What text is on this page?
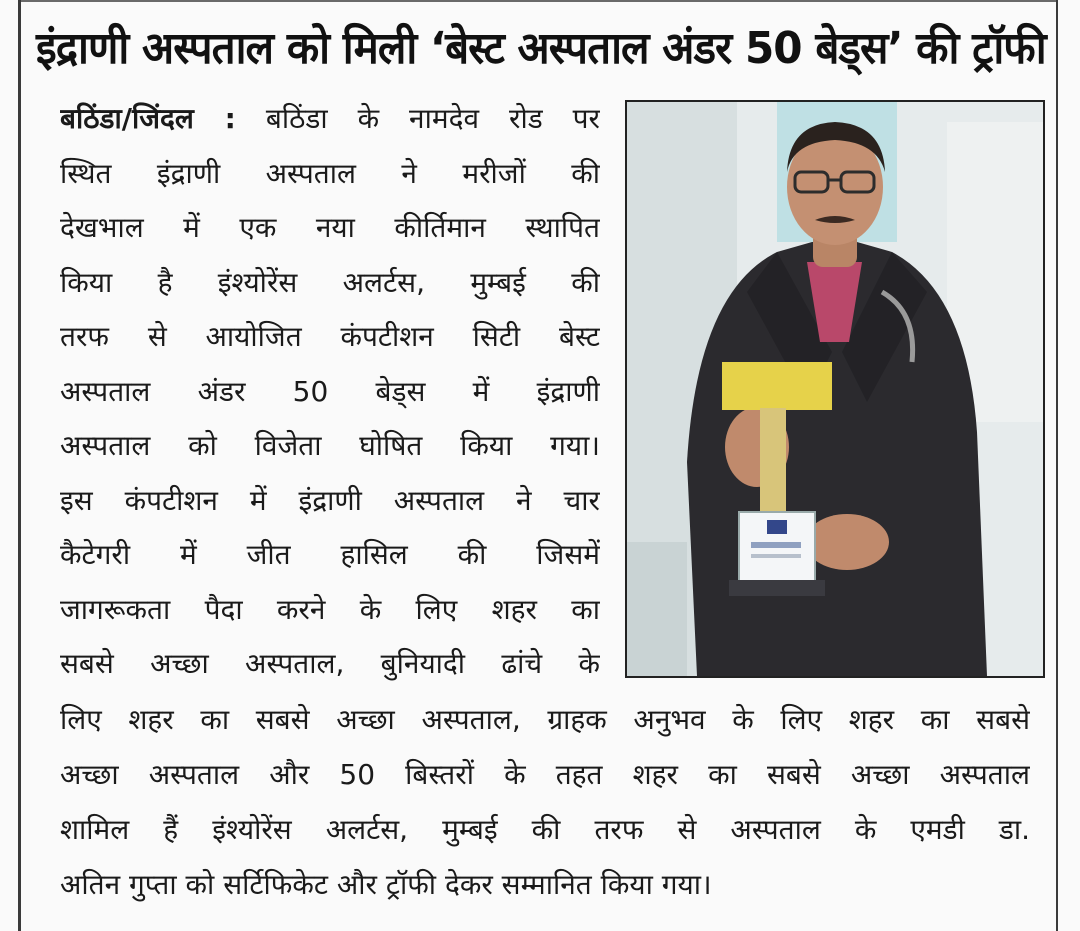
इंद्राणी अस्पताल को मिली ‘बेस्ट अस्पताल अंडर 50 बेड्स’ की ट्रॉफी
बठिंडा/जिंदल : बठिंडा के नामदेव रोड पर
स्थित इंद्राणी अस्पताल ने मरीजों की
देखभाल में एक नया कीर्तिमान स्थापित
किया है इंश्योरेंस अलर्टस, मुम्बई की
तरफ से आयोजित कंपटीशन सिटी बेस्ट
अस्पताल अंडर 50 बेड्स में इंद्राणी
अस्पताल को विजेता घोषित किया गया।
इस कंपटीशन में इंद्राणी अस्पताल ने चार
कैटेगरी में जीत हासिल की जिसमें
जागरूकता पैदा करने के लिए शहर का
सबसे अच्छा अस्पताल, बुनियादी ढांचे के
लिए शहर का सबसे अच्छा अस्पताल, ग्राहक अनुभव के लिए शहर का सबसे
अच्छा अस्पताल और 50 बिस्तरों के तहत शहर का सबसे अच्छा अस्पताल
शामिल हैं इंश्योरेंस अलर्टस, मुम्बई की तरफ से अस्पताल के एमडी डा.
अतिन गुप्ता को सर्टिफिकेट और ट्रॉफी देकर सम्मानित किया गया।
